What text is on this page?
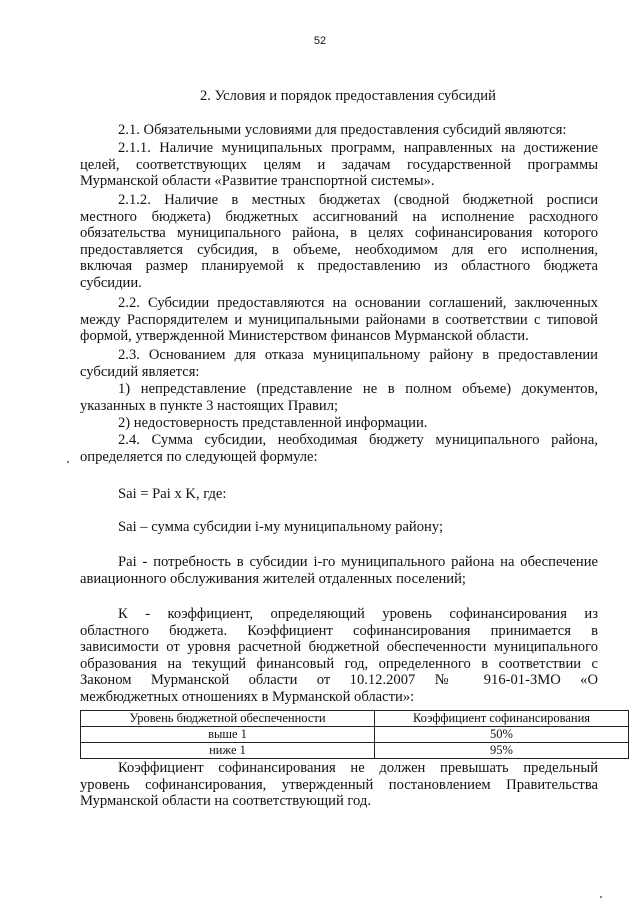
52
2. Условия и порядок предоставления субсидий
2.1. Обязательными условиями для предоставления субсидий являются:
2.1.1. Наличие муниципальных программ, направленных на достижение
целей, соответствующих целям и задачам государственной программы
Мурманской области «Развитие транспортной системы».
2.1.2. Наличие в местных бюджетах (сводной бюджетной росписи
местного бюджета) бюджетных ассигнований на исполнение расходного
обязательства муниципального района, в целях софинансирования которого
предоставляется субсидия, в объеме, необходимом для его исполнения,
включая размер планируемой к предоставлению из областного бюджета
субсидии.
2.2. Субсидии предоставляются на основании соглашений, заключенных
между Распорядителем и муниципальными районами в соответствии с типовой
формой, утвержденной Министерством финансов Мурманской области.
2.3. Основанием для отказа муниципальному району в предоставлении
субсидий является:
1) непредставление (представление не в полном объеме) документов,
указанных в пункте 3 настоящих Правил;
2) недостоверность представленной информации.
2.4. Сумма субсидии, необходимая бюджету муниципального района,
определяется по следующей формуле:
Sai = Pai x K, где:
Sai – сумма субсидии i-му муниципальному району;
Pai - потребность в субсидии i-го муниципального района на обеспечение
авиационного обслуживания жителей отдаленных поселений;
К - коэффициент, определяющий уровень софинансирования из
областного бюджета. Коэффициент софинансирования принимается в
зависимости от уровня расчетной бюджетной обеспеченности муниципального
образования на текущий финансовый год, определенного в соответствии с
Законом Мурманской области от 10.12.2007 № 916-01-ЗМО «О
межбюджетных отношениях в Мурманской области»:
Уровень бюджетной обеспеченности	Коэффициент софинансирования
выше 1	50%
ниже 1	95%
Коэффициент софинансирования не должен превышать предельный
уровень софинансирования, утвержденный постановлением Правительства
Мурманской области на соответствующий год.
